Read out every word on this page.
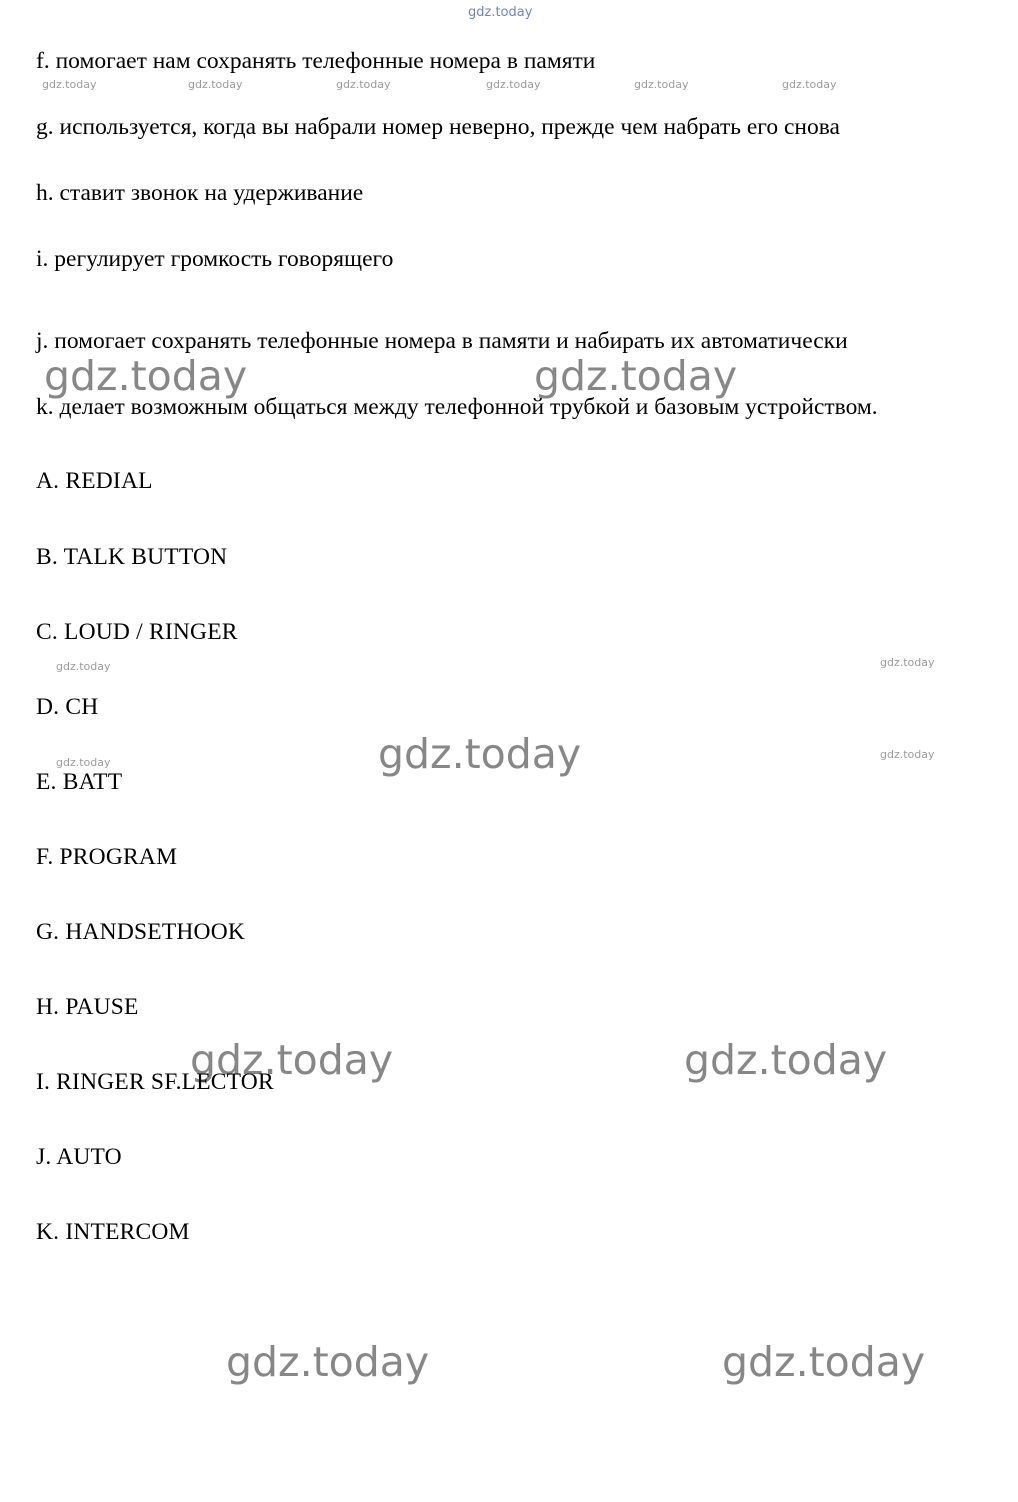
gdz.today
gdz.today	gdz.today	gdz.today	gdz.today	gdz.today	gdz.today
gdz.today	gdz.today
gdz.today	gdz.today
gdz.today
gdz.today
gdz.today
gdz.today	gdz.today
gdz.today	gdz.today

f. помогает нам сохранять телефонные номера в памяти

g. используется, когда вы набрали номер неверно, прежде чем набрать его снова

h. ставит звонок на удерживание

i. регулирует громкость говорящего

j. помогает сохранять телефонные номера в памяти и набирать их автоматически

k. делает возможным общаться между телефонной трубкой и базовым устройством.

A. REDIAL
B. TALK BUTTON
C. LOUD / RINGER
D. CH
E. BATT
F. PROGRAM
G. HANDSETHOOK
H. PAUSE
I. RINGER SF.LECTOR
J. AUTO
K. INTERCOM
